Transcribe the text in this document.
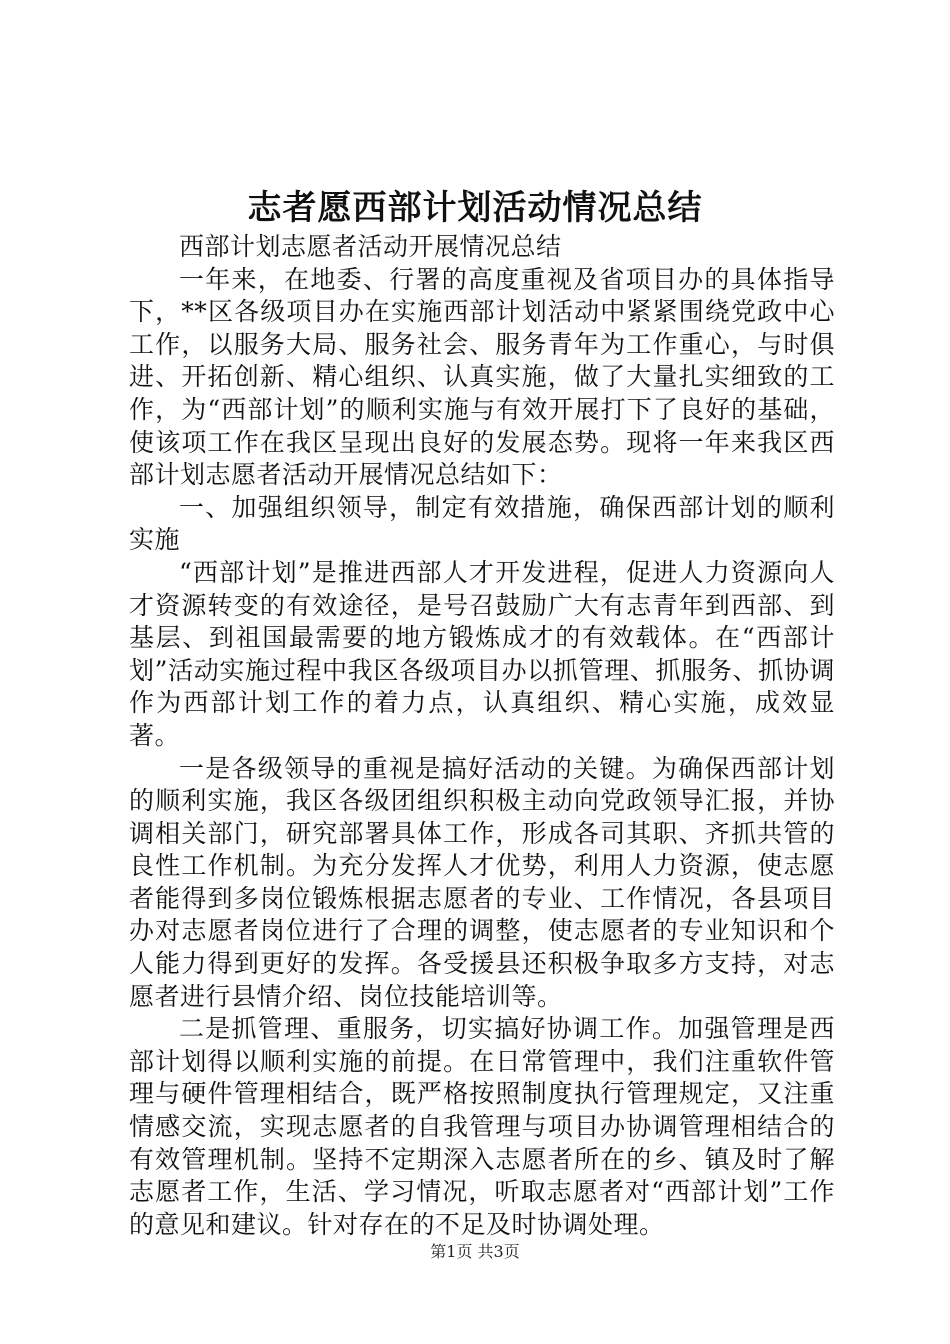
志者愿西部计划活动情况总结

西部计划志愿者活动开展情况总结

一年来，在地委、行署的高度重视及省项目办的具体指导下，**区各级项目办在实施西部计划活动中紧紧围绕党政中心工作，以服务大局、服务社会、服务青年为工作重心，与时俱进、开拓创新、精心组织、认真实施，做了大量扎实细致的工作，为“西部计划”的顺利实施与有效开展打下了良好的基础，使该项工作在我区呈现出良好的发展态势。现将一年来我区西部计划志愿者活动开展情况总结如下：

一、加强组织领导，制定有效措施，确保西部计划的顺利实施

“西部计划”是推进西部人才开发进程，促进人力资源向人才资源转变的有效途径，是号召鼓励广大有志青年到西部、到基层、到祖国最需要的地方锻炼成才的有效载体。在“西部计划”活动实施过程中我区各级项目办以抓管理、抓服务、抓协调作为西部计划工作的着力点，认真组织、精心实施，成效显著。

一是各级领导的重视是搞好活动的关键。为确保西部计划的顺利实施，我区各级团组织积极主动向党政领导汇报，并协调相关部门，研究部署具体工作，形成各司其职、齐抓共管的良性工作机制。为充分发挥人才优势，利用人力资源，使志愿者能得到多岗位锻炼根据志愿者的专业、工作情况，各县项目办对志愿者岗位进行了合理的调整，使志愿者的专业知识和个人能力得到更好的发挥。各受援县还积极争取多方支持，对志愿者进行县情介绍、岗位技能培训等。

二是抓管理、重服务，切实搞好协调工作。加强管理是西部计划得以顺利实施的前提。在日常管理中，我们注重软件管理与硬件管理相结合，既严格按照制度执行管理规定，又注重情感交流，实现志愿者的自我管理与项目办协调管理相结合的有效管理机制。坚持不定期深入志愿者所在的乡、镇及时了解志愿者工作，生活、学习情况，听取志愿者对“西部计划”工作的意见和建议。针对存在的不足及时协调处理。

第1页 共3页
